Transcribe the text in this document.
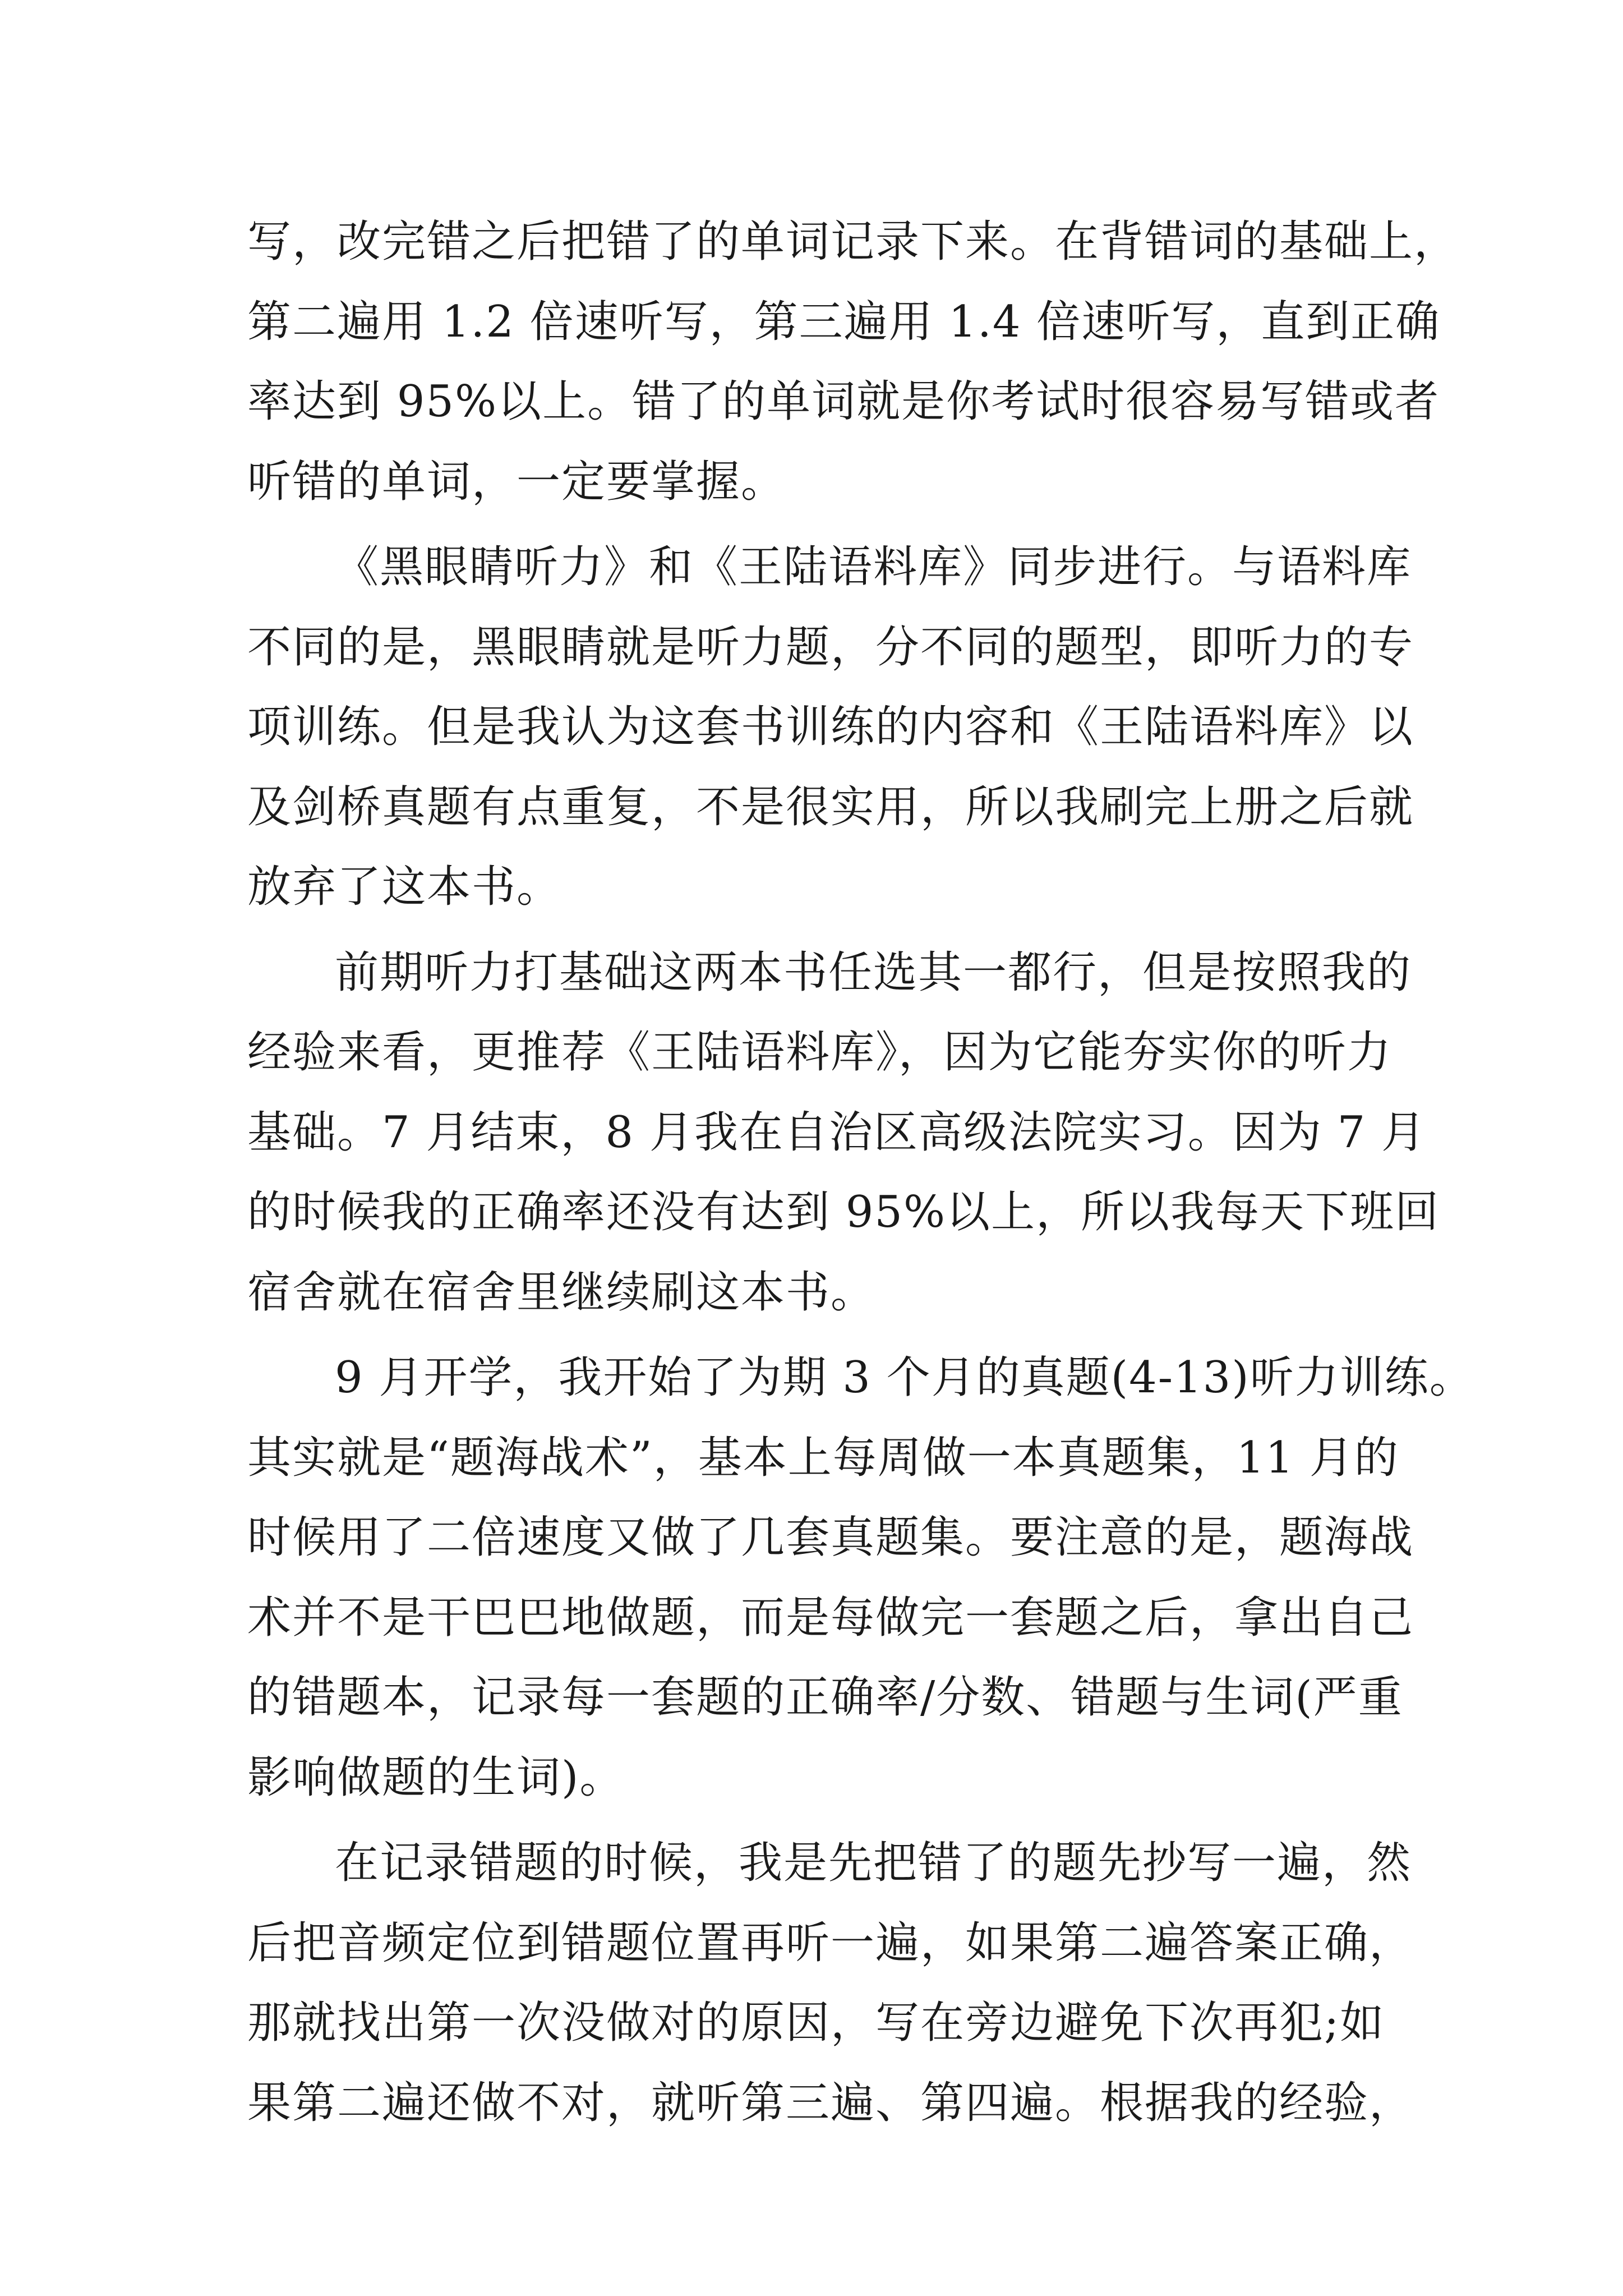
写，改完错之后把错了的单词记录下来。在背错词的基础上，
第二遍用 1.2 倍速听写，第三遍用 1.4 倍速听写，直到正确
率达到 95%以上。错了的单词就是你考试时很容易写错或者
听错的单词，一定要掌握。
《黑眼睛听力》和《王陆语料库》同步进行。与语料库
不同的是，黑眼睛就是听力题，分不同的题型，即听力的专
项训练。但是我认为这套书训练的内容和《王陆语料库》以
及剑桥真题有点重复，不是很实用，所以我刷完上册之后就
放弃了这本书。
前期听力打基础这两本书任选其一都行，但是按照我的
经验来看，更推荐《王陆语料库》，因为它能夯实你的听力
基础。7 月结束，8 月我在自治区高级法院实习。因为 7 月
的时候我的正确率还没有达到 95%以上，所以我每天下班回
宿舍就在宿舍里继续刷这本书。
9 月开学，我开始了为期 3 个月的真题(4-13)听力训练。
其实就是“题海战术”，基本上每周做一本真题集，11 月的
时候用了二倍速度又做了几套真题集。要注意的是，题海战
术并不是干巴巴地做题，而是每做完一套题之后，拿出自己
的错题本，记录每一套题的正确率/分数、错题与生词(严重
影响做题的生词)。
在记录错题的时候，我是先把错了的题先抄写一遍，然
后把音频定位到错题位置再听一遍，如果第二遍答案正确，
那就找出第一次没做对的原因，写在旁边避免下次再犯;如
果第二遍还做不对，就听第三遍、第四遍。根据我的经验，
